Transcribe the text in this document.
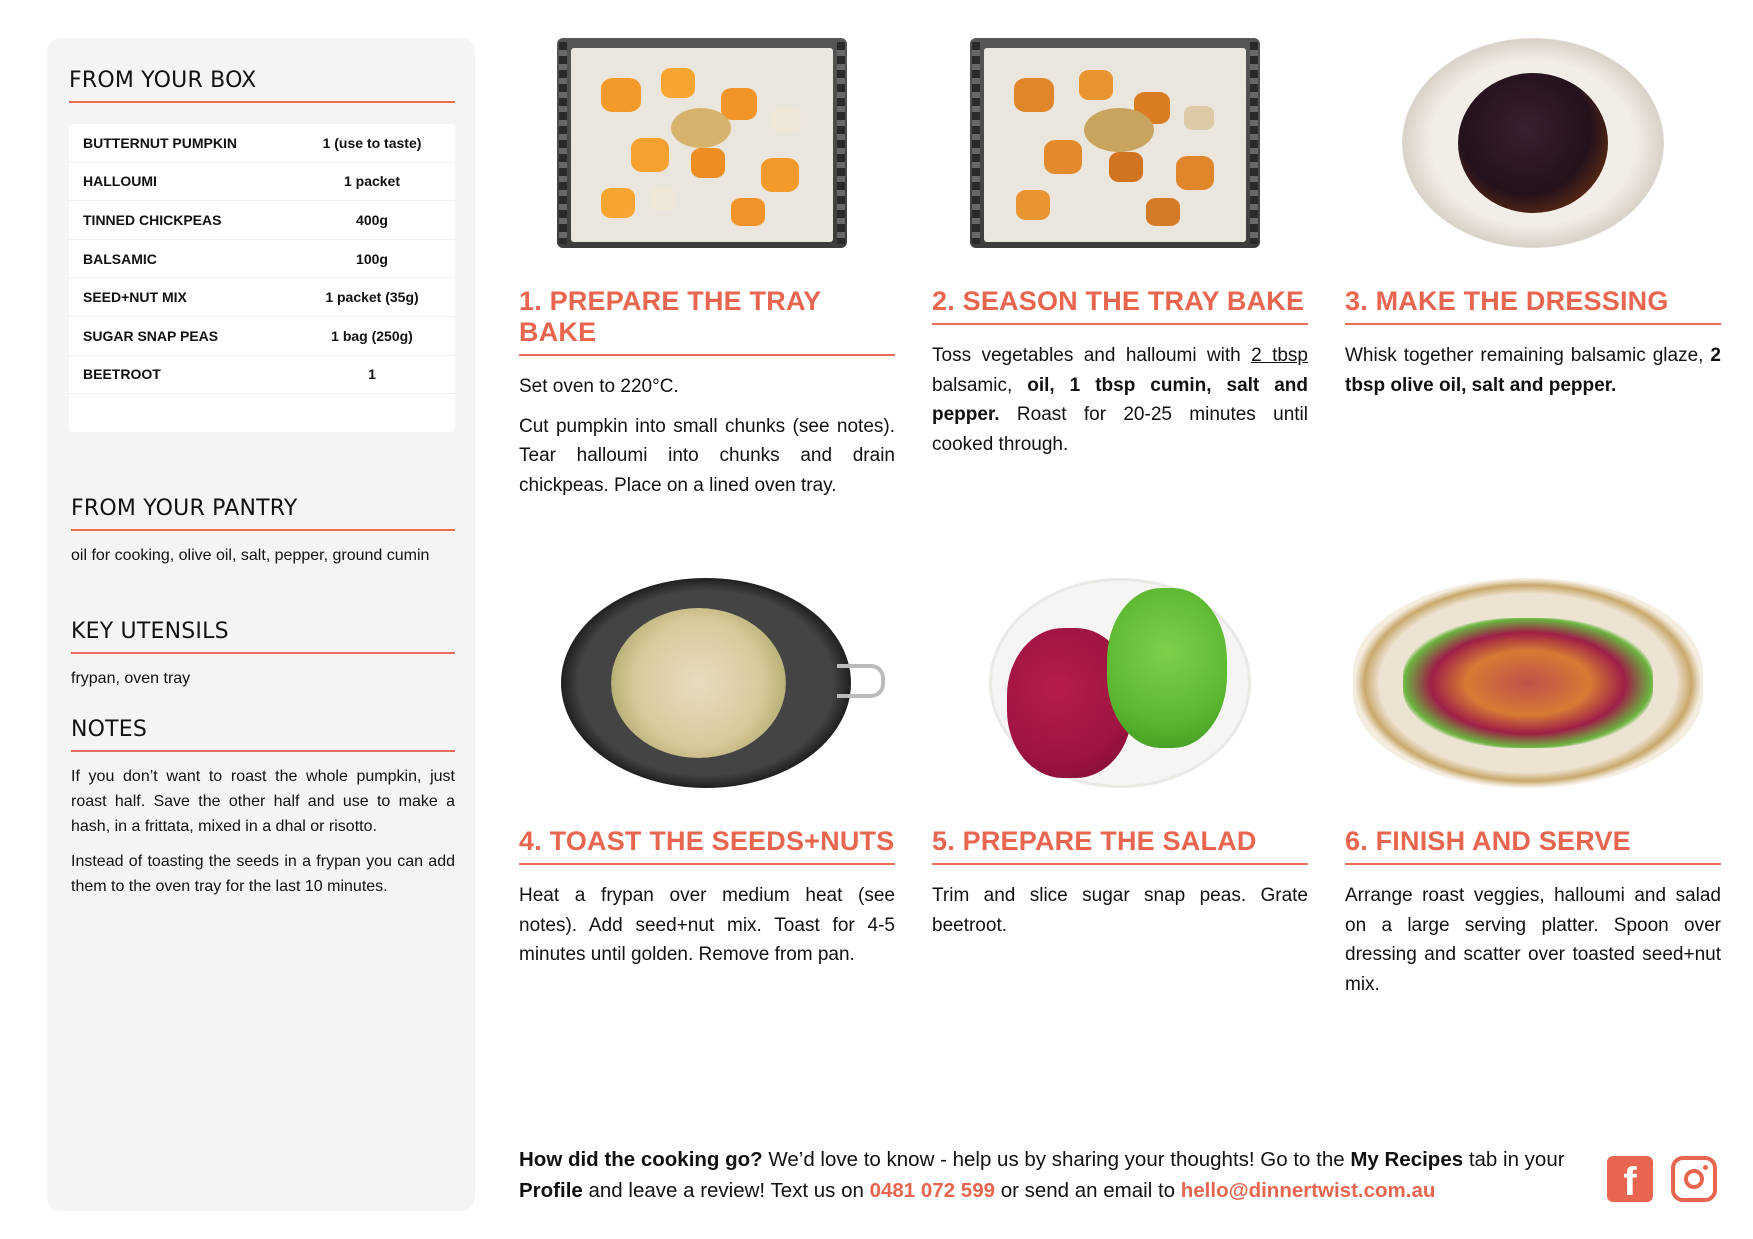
FROM YOUR BOX
BUTTERNUT PUMPKIN	1 (use to taste)
HALLOUMI	1 packet
TINNED CHICKPEAS	400g
BALSAMIC	100g
SEED+NUT MIX	1 packet (35g)
SUGAR SNAP PEAS	1 bag (250g)
BEETROOT	1
FROM YOUR PANTRY
oil for cooking, olive oil, salt, pepper, ground cumin
KEY UTENSILS
frypan, oven tray
NOTES
If you don’t want to roast the whole pumpkin, just roast half. Save the other half and use to make a hash, in a frittata, mixed in a dhal or risotto.
Instead of toasting the seeds in a frypan you can add them to the oven tray for the last 10 minutes.
1. PREPARE THE TRAY BAKE

Set oven to 220°C.

Cut pumpkin into small chunks (see notes). Tear halloumi into chunks and drain chickpeas. Place on a lined oven tray.

2. SEASON THE TRAY BAKE

Toss vegetables and halloumi with 2 tbsp balsamic, oil, 1 tbsp cumin, salt and pepper. Roast for 20-25 minutes until cooked through.

3. MAKE THE DRESSING

Whisk together remaining balsamic glaze, 2 tbsp olive oil, salt and pepper.

4. TOAST THE SEEDS+NUTS

Heat a frypan over medium heat (see notes). Add seed+nut mix. Toast for 4-5 minutes until golden. Remove from pan.

5. PREPARE THE SALAD

Trim and slice sugar snap peas. Grate beetroot.

6. FINISH AND SERVE

Arrange roast veggies, halloumi and salad on a large serving platter. Spoon over dressing and scatter over toasted seed+nut mix.

How did the cooking go? We’d love to know - help us by sharing your thoughts! Go to the My Recipes tab in your Profile and leave a review! Text us on 0481 072 599 or send an email to hello@dinnertwist.com.au	f
